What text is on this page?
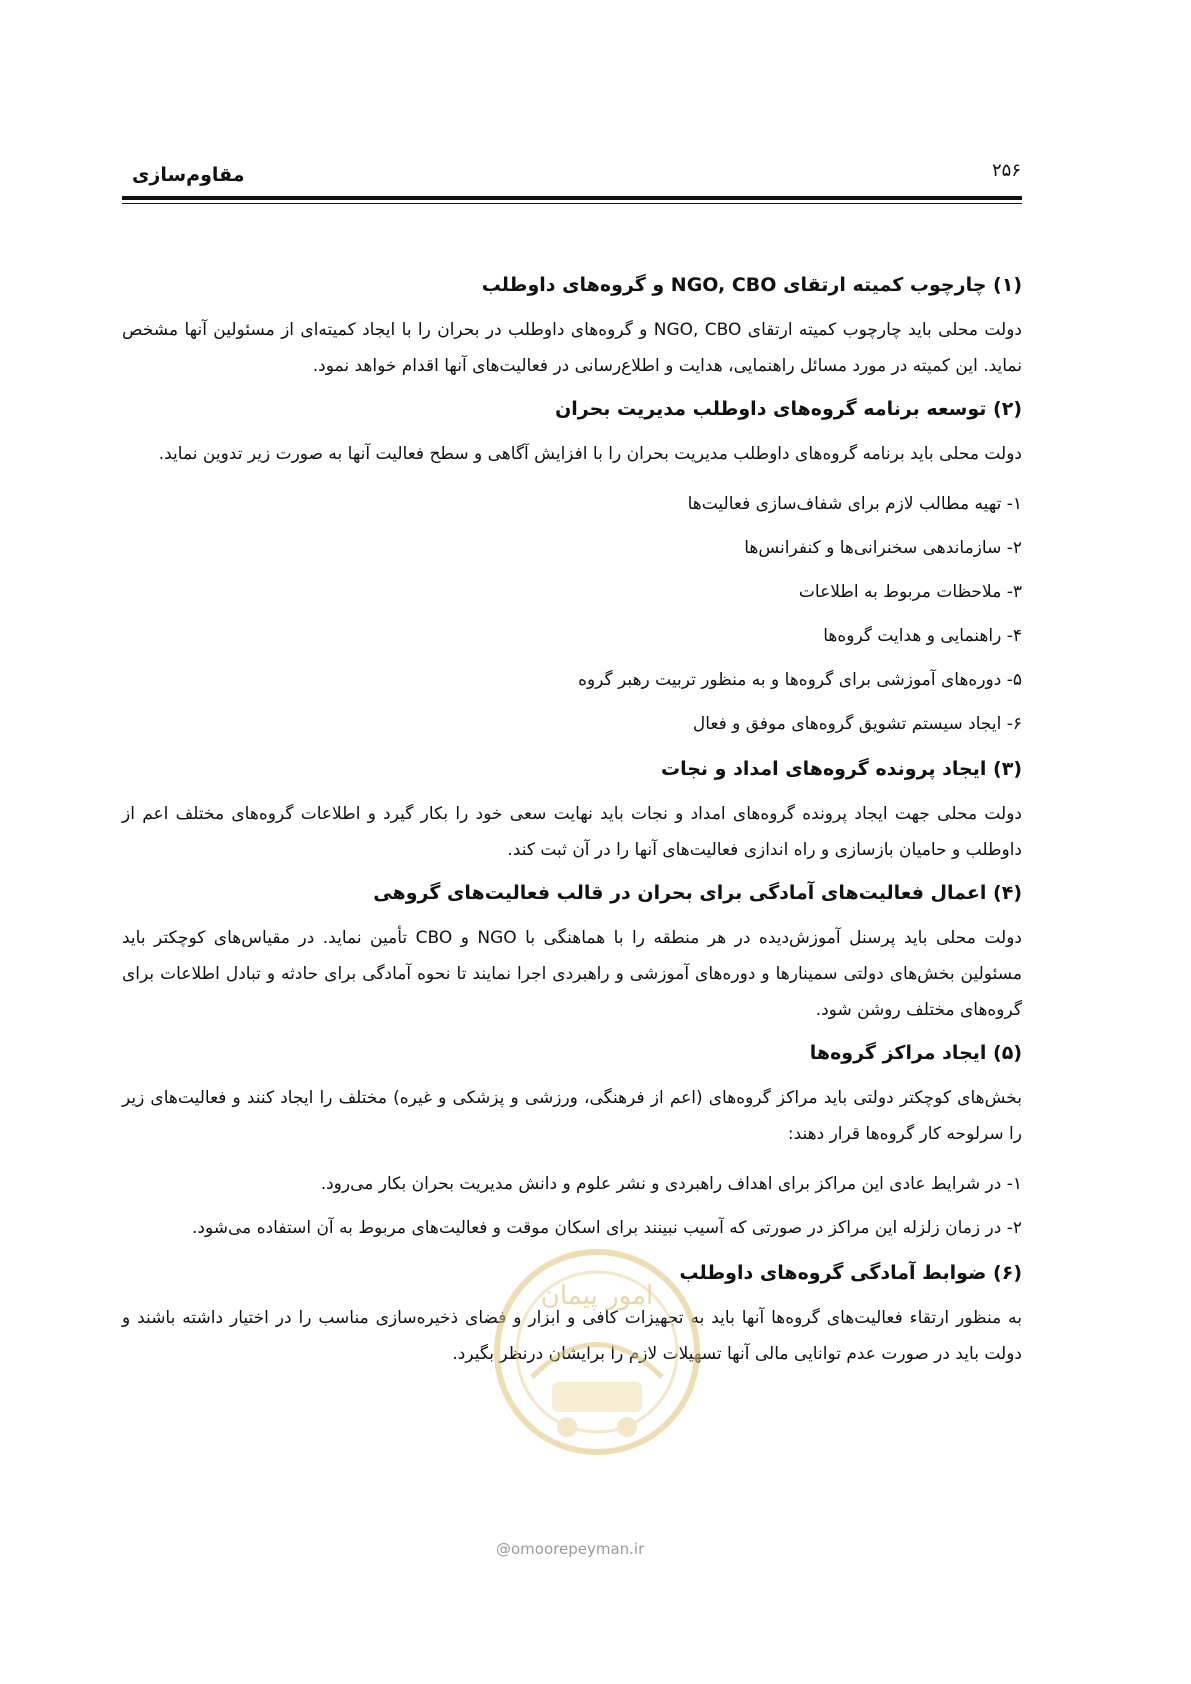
مقاوم‌سازی	۲۵۶
(۱) چارچوب کمیته ارتقای NGO, CBO و گروه‌های داوطلب

دولت محلی باید چارچوب کمیته ارتقای NGO, CBO و گروه‌های داوطلب در بحران را با ایجاد کمیته‌ای از مسئولین آنها مشخص نماید. این کمیته در مورد مسائل راهنمایی، هدایت و اطلاع‌رسانی در فعالیت‌های آنها اقدام خواهد نمود.

(۲) توسعه برنامه گروه‌های داوطلب مدیریت بحران

دولت محلی باید برنامه گروه‌های داوطلب مدیریت بحران را با افزایش آگاهی و سطح فعالیت آنها به صورت زیر تدوین نماید.

۱- تهیه مطالب لازم برای شفاف‌سازی فعالیت‌ها
۲- سازماندهی سخنرانی‌ها و کنفرانس‌ها
۳- ملاحظات مربوط به اطلاعات
۴- راهنمایی و هدایت گروه‌ها
۵- دوره‌های آموزشی برای گروه‌ها و به منظور تربیت رهبر گروه
۶- ایجاد سیستم تشویق گروه‌های موفق و فعال
(۳) ایجاد پرونده گروه‌های امداد و نجات

دولت محلی جهت ایجاد پرونده گروه‌های امداد و نجات باید نهایت سعی خود را بکار گیرد و اطلاعات گروه‌های مختلف اعم از داوطلب و حامیان بازسازی و راه اندازی فعالیت‌های آنها را در آن ثبت کند.

(۴) اعمال فعالیت‌های آمادگی برای بحران در قالب فعالیت‌های گروهی

دولت محلی باید پرسنل آموزش‌دیده در هر منطقه را با هماهنگی با NGO و CBO تأمین نماید. در مقیاس‌های کوچکتر باید مسئولین بخش‌های دولتی سمینارها و دوره‌های آموزشی و راهبردی اجرا نمایند تا نحوه آمادگی برای حادثه و تبادل اطلاعات برای گروه‌های مختلف روشن شود.

(۵) ایجاد مراکز گروه‌ها

بخش‌های کوچکتر دولتی باید مراکز گروه‌های (اعم از فرهنگی، ورزشی و پزشکی و غیره) مختلف را ایجاد کنند و فعالیت‌های زیر را سرلوحه کار گروه‌ها قرار دهند:

۱- در شرایط عادی این مراکز برای اهداف راهبردی و نشر علوم و دانش مدیریت بحران بکار می‌رود.
۲- در زمان زلزله این مراکز در صورتی که آسیب نبینند برای اسکان موقت و فعالیت‌های مربوط به آن استفاده می‌شود.
(۶) ضوابط آمادگی گروه‌های داوطلب

به منظور ارتقاء فعالیت‌های گروه‌ها آنها باید به تجهیزات کافی و ابزار و فضای ذخیره‌سازی مناسب را در اختیار داشته باشند و دولت باید در صورت عدم توانایی مالی آنها تسهیلات لازم را برایشان درنظر بگیرد.

امور پیمان
@omoorepeyman.ir
